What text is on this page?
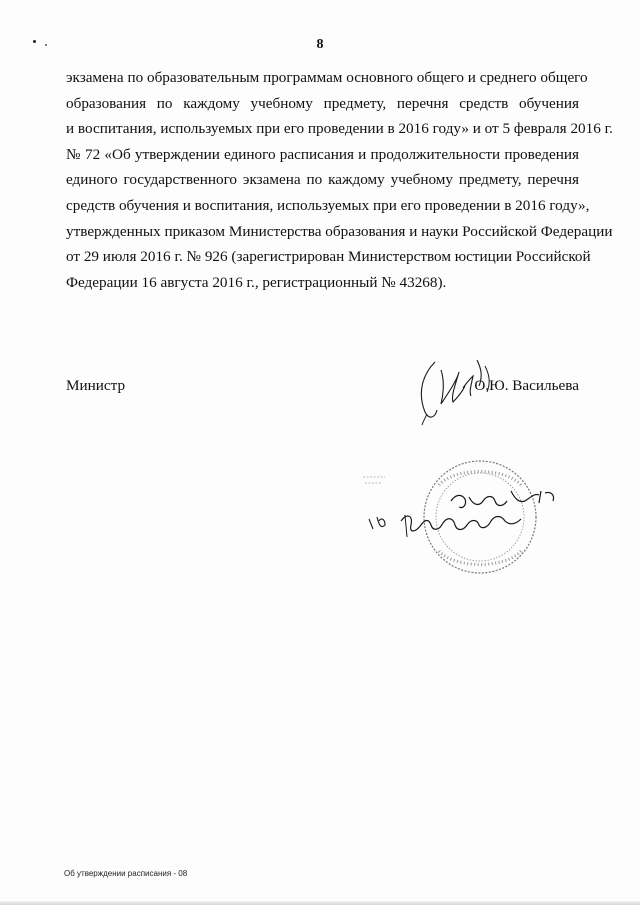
8
экзамена по образовательным программам основного общего и среднего общего
образования по каждому учебному предмету, перечня средств обучения
и воспитания, используемых при его проведении в 2016 году» и от 5 февраля 2016 г.
№ 72 «Об утверждении единого расписания и продолжительности проведения
единого государственного экзамена по каждому учебному предмету, перечня
средств обучения и воспитания, используемых при его проведении в 2016 году»,
утвержденных приказом Министерства образования и науки Российской Федерации
от 29 июля 2016 г. № 926 (зарегистрирован Министерством юстиции Российской
Федерации 16 августа 2016 г., регистрационный № 43268).
Министр	О.Ю. Васильева
Об утверждении расписания - 08
